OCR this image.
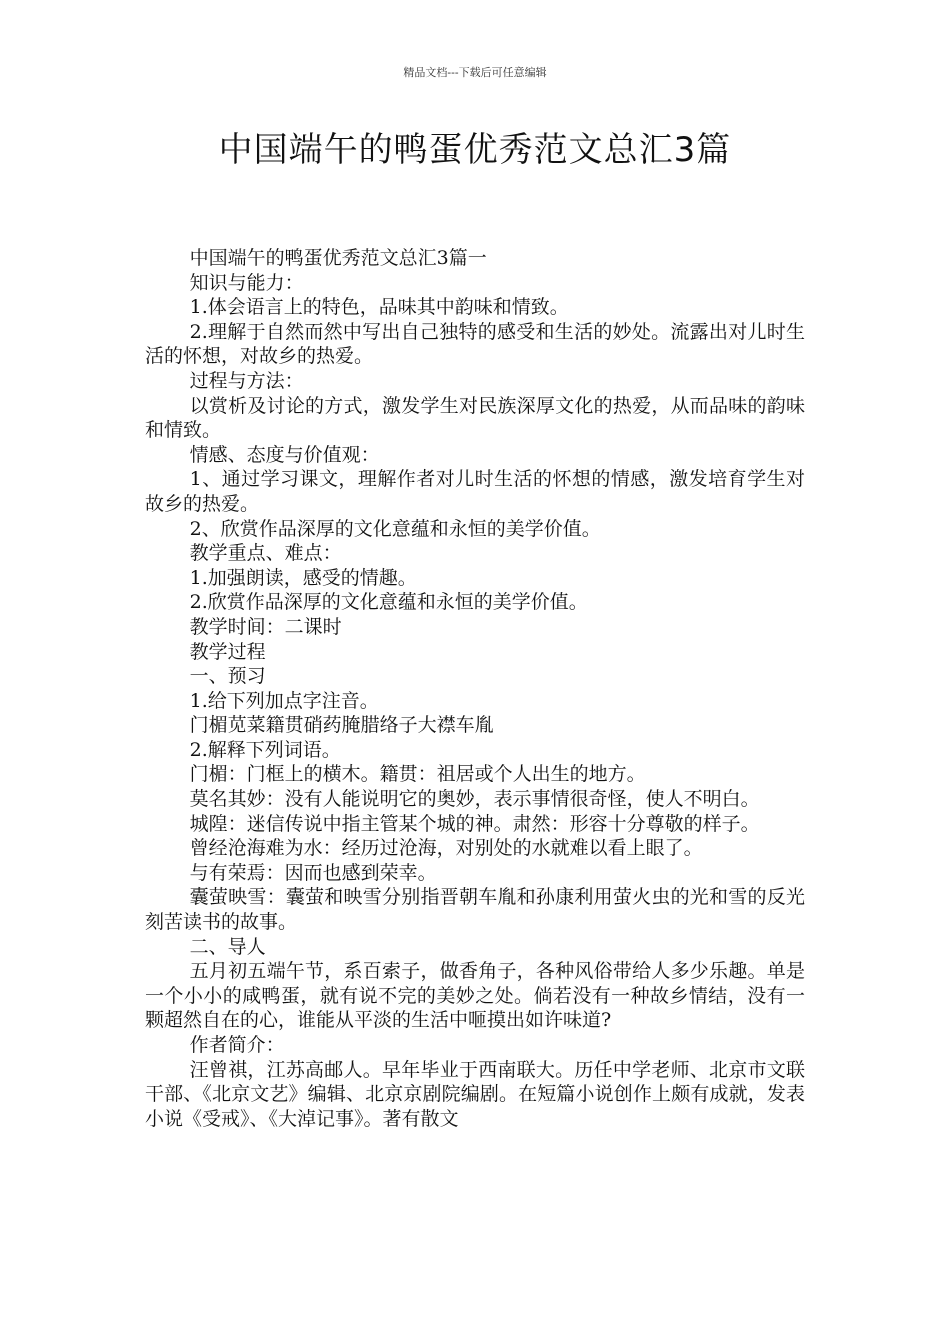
精品文档---下载后可任意编辑
中国端午的鸭蛋优秀范文总汇3篇

中国端午的鸭蛋优秀范文总汇3篇一

知识与能力：

1.体会语言上的特色，品味其中韵味和情致。

2.理解于自然而然中写出自己独特的感受和生活的妙处。流露出对儿时生活的怀想，对故乡的热爱。

过程与方法：

以赏析及讨论的方式，激发学生对民族深厚文化的热爱，从而品味的韵味和情致。

情感、态度与价值观：

1、通过学习课文，理解作者对儿时生活的怀想的情感，激发培育学生对故乡的热爱。

2、欣赏作品深厚的文化意蕴和永恒的美学价值。

教学重点、难点：

1.加强朗读，感受的情趣。

2.欣赏作品深厚的文化意蕴和永恒的美学价值。

教学时间：二课时

教学过程

一、预习

1.给下列加点字注音。

门楣苋菜籍贯硝药腌腊络子大襟车胤

2.解释下列词语。

门楣：门框上的横木。籍贯：祖居或个人出生的地方。

莫名其妙：没有人能说明它的奥妙，表示事情很奇怪，使人不明白。

城隍：迷信传说中指主管某个城的神。肃然：形容十分尊敬的样子。

曾经沧海难为水：经历过沧海，对别处的水就难以看上眼了。

与有荣焉：因而也感到荣幸。

囊萤映雪：囊萤和映雪分别指晋朝车胤和孙康利用萤火虫的光和雪的反光刻苦读书的故事。

二、导人

五月初五端午节，系百索子，做香角子，各种风俗带给人多少乐趣。单是一个小小的咸鸭蛋，就有说不完的美妙之处。倘若没有一种故乡情结，没有一颗超然自在的心，谁能从平淡的生活中咂摸出如许味道?

作者简介：

汪曾祺，江苏高邮人。早年毕业于西南联大。历任中学老师、北京市文联干部、《北京文艺》编辑、北京京剧院编剧。在短篇小说创作上颇有成就，发表小说《受戒》、《大淖记事》。著有散文
